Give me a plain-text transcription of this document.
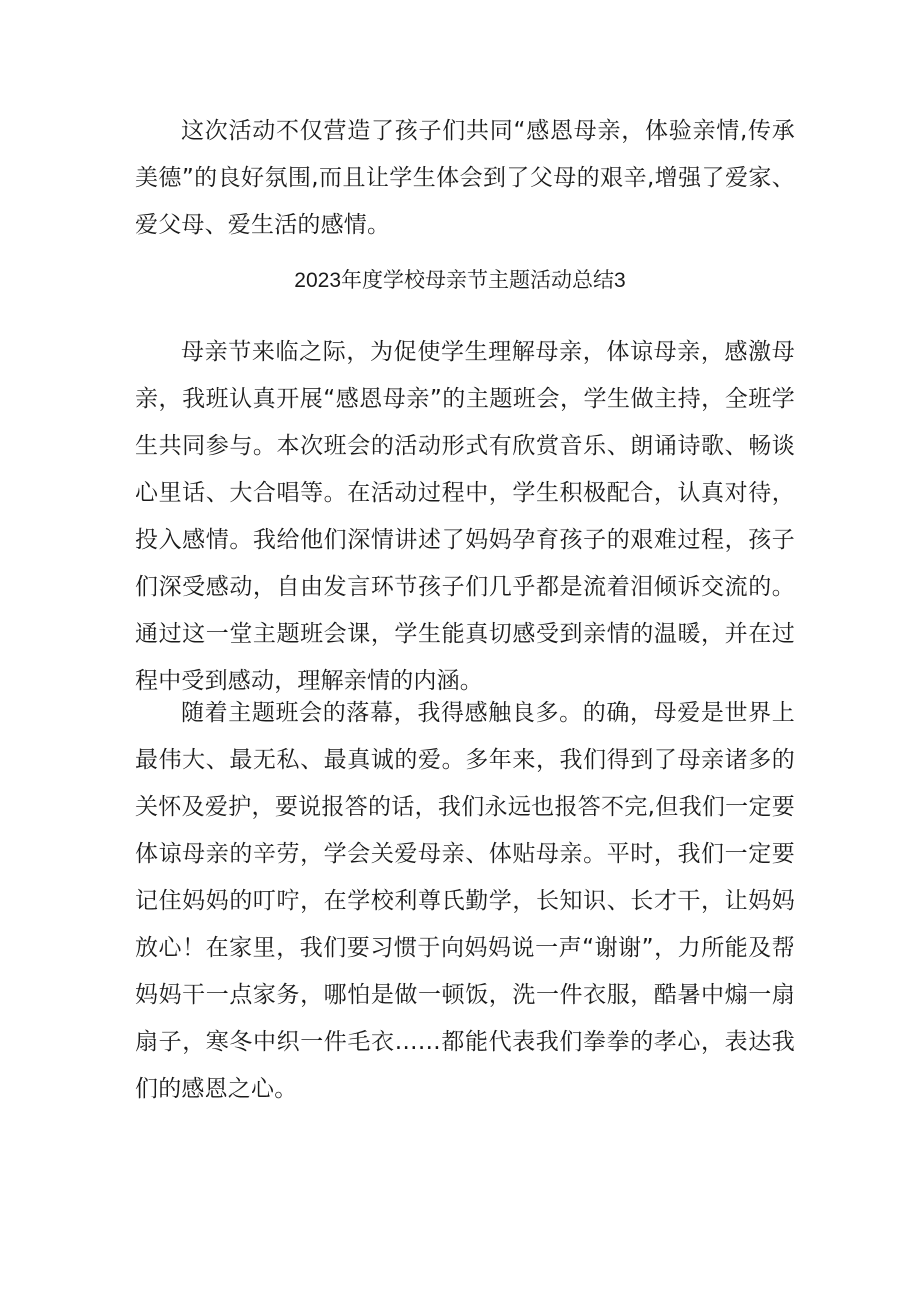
这次活动不仅营造了孩子们共同“感恩母亲，体验亲情,传承美德”的良好氛围,而且让学生体会到了父母的艰辛,增强了爱家、爱父母、爱生活的感情。

2023年度学校母亲节主题活动总结3

母亲节来临之际，为促使学生理解母亲，体谅母亲，感激母亲，我班认真开展“感恩母亲”的主题班会，学生做主持，全班学生共同参与。本次班会的活动形式有欣赏音乐、朗诵诗歌、畅谈心里话、大合唱等。在活动过程中，学生积极配合，认真对待，投入感情。我给他们深情讲述了妈妈孕育孩子的艰难过程，孩子们深受感动，自由发言环节孩子们几乎都是流着泪倾诉交流的。通过这一堂主题班会课，学生能真切感受到亲情的温暖，并在过程中受到感动，理解亲情的内涵。

随着主题班会的落幕，我得感触良多。的确，母爱是世界上最伟大、最无私、最真诚的爱。多年来，我们得到了母亲诸多的关怀及爱护，要说报答的话，我们永远也报答不完,但我们一定要体谅母亲的辛劳，学会关爱母亲、体贴母亲。平时，我们一定要记住妈妈的叮咛，在学校利尊氏勤学，长知识、长才干，让妈妈放心！在家里，我们要习惯于向妈妈说一声“谢谢”，力所能及帮妈妈干一点家务，哪怕是做一顿饭，洗一件衣服，酷暑中煽一扇扇子，寒冬中织一件毛衣……都能代表我们拳拳的孝心，表达我们的感恩之心。
